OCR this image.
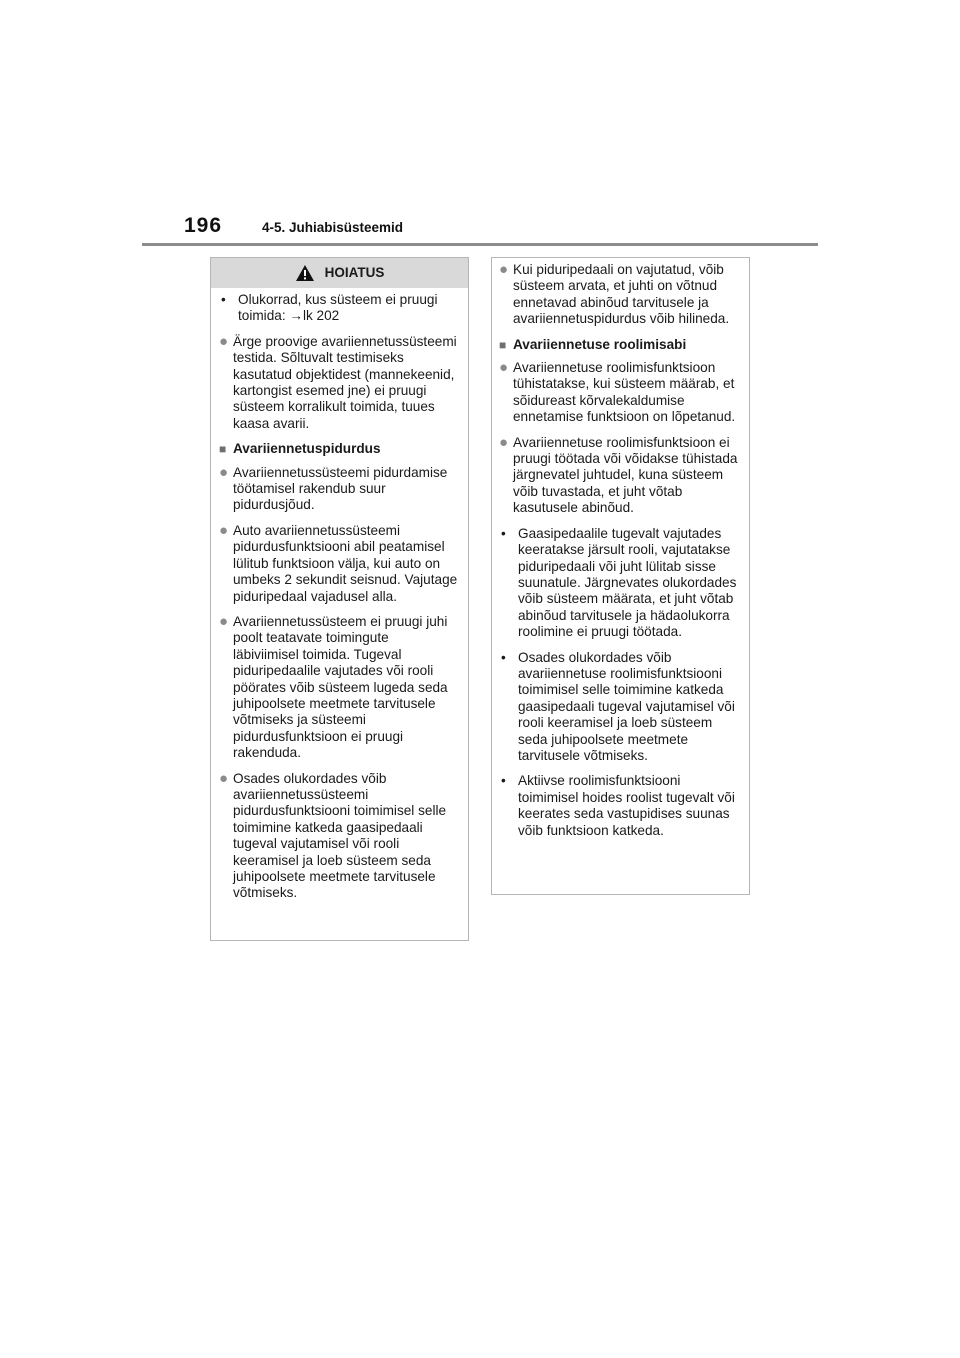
196	4-5. Juhiabisüsteemid
HOIATUS
• Olukorrad, kus süsteem ei pruugi toimida: →lk 202
● Ärge proovige avariiennetussüsteemi testida. Sõltuvalt testimiseks kasutatud objektidest (mannekeenid, kartongist esemed jne) ei pruugi süsteem korralikult toimida, tuues kaasa avarii.
■ Avariiennetuspidurdus
● Avariiennetussüsteemi pidurdamise töötamisel rakendub suur pidurdusjõud.
● Auto avariiennetussüsteemi pidurdusfunktsiooni abil peatamisel lülitub funktsioon välja, kui auto on umbeks 2 sekundit seisnud. Vajutage piduripedaal vajadusel alla.
● Avariiennetussüsteem ei pruugi juhi poolt teatavate toimingute läbiviimisel toimida. Tugeval piduripedaalile vajutades või rooli pöörates võib süsteem lugeda seda juhipoolsete meetmete tarvitusele võtmiseks ja süsteemi pidurdusfunktsioon ei pruugi rakenduda.
● Osades olukordades võib avariiennetussüsteemi pidurdusfunktsiooni toimimisel selle toimimine katkeda gaasipedaali tugeval vajutamisel või rooli keeramisel ja loeb süsteem seda juhipoolsete meetmete tarvitusele võtmiseks.
● Kui piduripedaali on vajutatud, võib süsteem arvata, et juhti on võtnud ennetavad abinõud tarvitusele ja avariiennetuspidurdus võib hilineda.
■ Avariiennetuse roolimisabi
● Avariiennetuse roolimisfunktsioon tühistatakse, kui süsteem määrab, et sõidureast kõrvalekaldumise ennetamise funktsioon on lõpetanud.
● Avariiennetuse roolimisfunktsioon ei pruugi töötada või võidakse tühistada järgnevatel juhtudel, kuna süsteem võib tuvastada, et juht võtab kasutusele abinõud.
• Gaasipedaalile tugevalt vajutades keeratakse järsult rooli, vajutatakse piduripedaali või juht lülitab sisse suunatule. Järgnevates olukordades võib süsteem määrata, et juht võtab abinõud tarvitusele ja hädaolukorra roolimine ei pruugi töötada.
• Osades olukordades võib avariiennetuse roolimisfunktsiooni toimimisel selle toimimine katkeda gaasipedaali tugeval vajutamisel või rooli keeramisel ja loeb süsteem seda juhipoolsete meetmete tarvitusele võtmiseks.
• Aktiivse roolimisfunktsiooni toimimisel hoides roolist tugevalt või keerates seda vastupidises suunas võib funktsioon katkeda.
